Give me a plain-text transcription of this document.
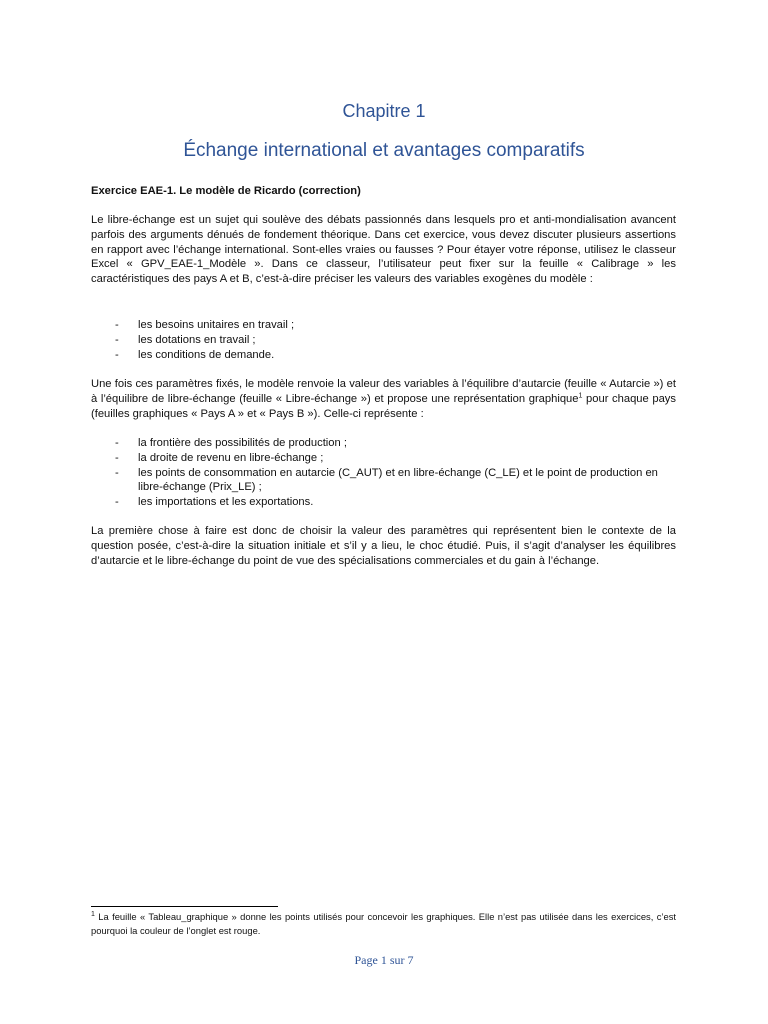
Chapitre 1
Échange international et avantages comparatifs
Exercice EAE-1. Le modèle de Ricardo (correction)
Le libre-échange est un sujet qui soulève des débats passionnés dans lesquels pro et anti-mondialisation avancent parfois des arguments dénués de fondement théorique. Dans cet exercice, vous devez discuter plusieurs assertions en rapport avec l’échange international. Sont-elles vraies ou fausses ? Pour étayer votre réponse, utilisez le classeur Excel « GPV_EAE-1_Modèle ». Dans ce classeur, l’utilisateur peut fixer sur la feuille « Calibrage » les caractéristiques des pays A et B, c’est-à-dire préciser les valeurs des variables exogènes du modèle :
- les besoins unitaires en travail ;
- les dotations en travail ;
- les conditions de demande.
Une fois ces paramètres fixés, le modèle renvoie la valeur des variables à l’équilibre d’autarcie (feuille « Autarcie ») et à l’équilibre de libre-échange (feuille « Libre-échange ») et propose une représentation graphique$^1$ pour chaque pays (feuilles graphiques « Pays A » et « Pays B »). Celle-ci représente :
- la frontière des possibilités de production ;
- la droite de revenu en libre-échange ;
- les points de consommation en autarcie (C_AUT) et en libre-échange (C_LE) et le point de production en libre-échange (Prix_LE) ;
- les importations et les exportations.
La première chose à faire est donc de choisir la valeur des paramètres qui représentent bien le contexte de la question posée, c’est-à-dire la situation initiale et s’il y a lieu, le choc étudié. Puis, il s’agit d’analyser les équilibres d’autarcie et le libre-échange du point de vue des spécialisations commerciales et du gain à l’échange.
$^1$ La feuille « Tableau_graphique » donne les points utilisés pour concevoir les graphiques. Elle n’est pas utilisée dans les exercices, c’est pourquoi la couleur de l’onglet est rouge.
Page 1 sur 7
